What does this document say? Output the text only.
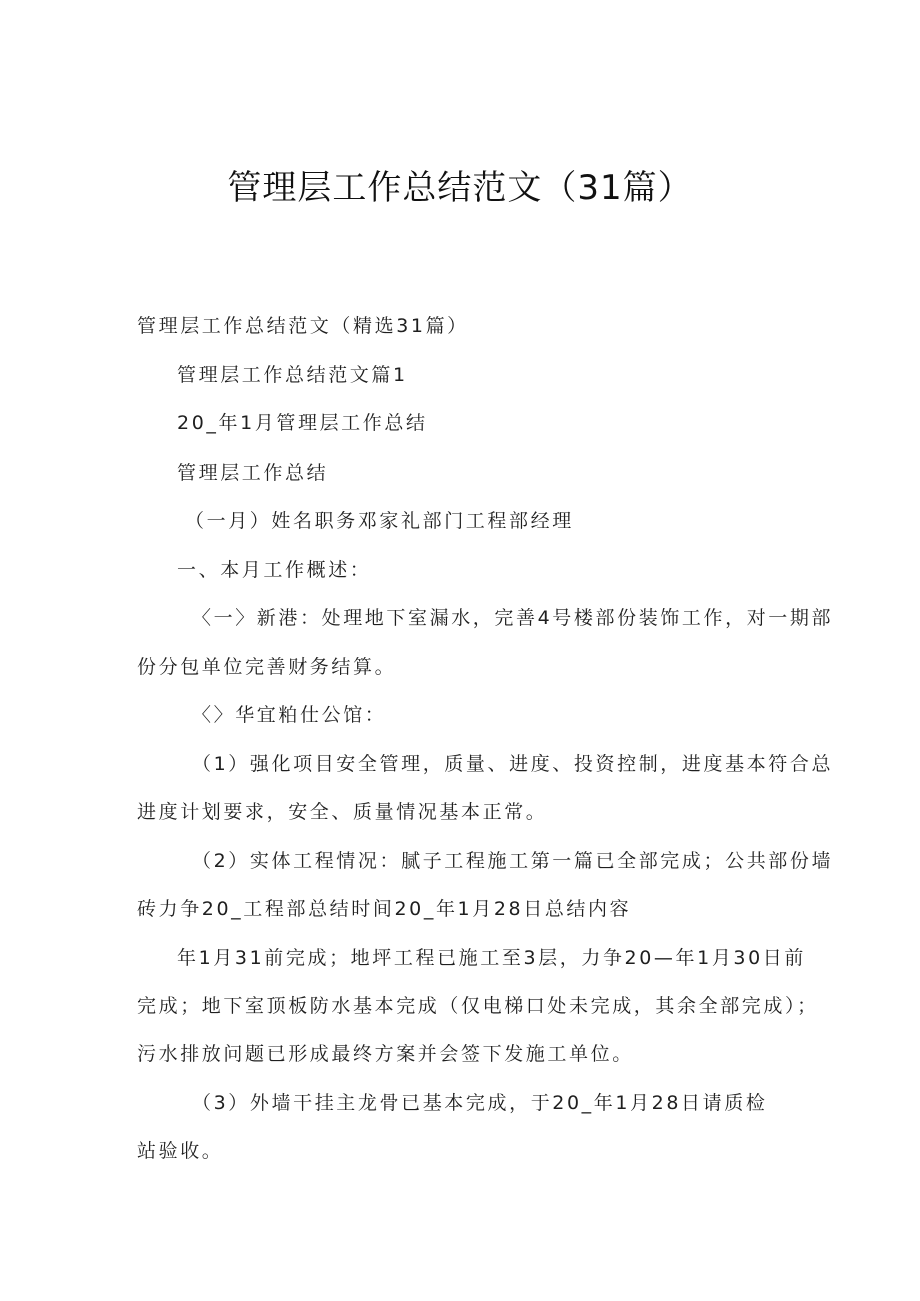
管理层工作总结范文（31篇）
管理层工作总结范文（精选31篇）
管理层工作总结范文篇1
20_年1月管理层工作总结
管理层工作总结
（一月）姓名职务邓家礼部门工程部经理
一、本月工作概述：
〈一〉新港：处理地下室漏水，完善4号楼部份装饰工作，对一期部
份分包单位完善财务结算。
〈〉华宜粕仕公馆：
（1）强化项目安全管理，质量、进度、投资控制，进度基本符合总
进度计划要求，安全、质量情况基本正常。
（2）实体工程情况：腻子工程施工第一篇已全部完成；公共部份墙
砖力争20_工程部总结时间20_年1月28日总结内容
年1月31前完成；地坪工程已施工至3层，力争20—年1月30日前
完成；地下室顶板防水基本完成（仅电梯口处未完成，其余全部完成）；
污水排放问题已形成最终方案并会签下发施工单位。
（3）外墙干挂主龙骨已基本完成，于20_年1月28日请质检
站验收。
